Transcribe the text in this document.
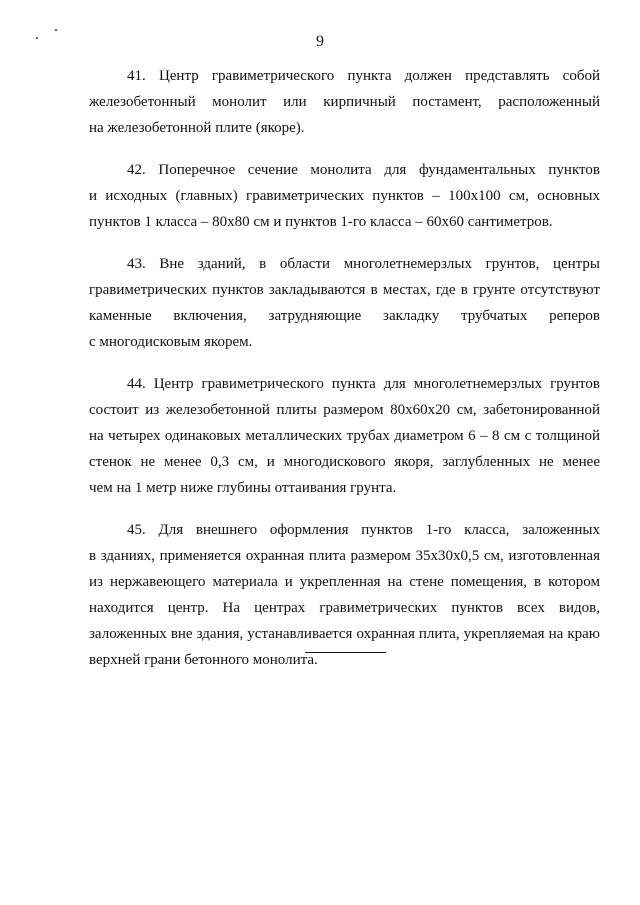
9

41. Центр гравиметрического пункта должен представлять собой
железобетонный монолит или кирпичный постамент, расположенный
на железобетонной плите (якоре).

42. Поперечное сечение монолита для фундаментальных пунктов
и исходных (главных) гравиметрических пунктов – 100x100 см, основных
пунктов 1 класса – 80x80 см и пунктов 1-го класса – 60x60 сантиметров.

43. Вне зданий, в области многолетнемерзлых грунтов, центры
гравиметрических пунктов закладываются в местах, где в грунте отсутствуют
каменные включения, затрудняющие закладку трубчатых реперов
с многодисковым якорем.

44. Центр гравиметрического пункта для многолетнемерзлых грунтов
состоит из железобетонной плиты размером 80x60x20 см, забетонированной
на четырех одинаковых металлических трубах диаметром 6 – 8 см с толщиной
стенок не менее 0,3 см, и многодискового якоря, заглубленных не менее
чем на 1 метр ниже глубины оттаивания грунта.

45. Для внешнего оформления пунктов 1-го класса, заложенных
в зданиях, применяется охранная плита размером 35x30x0,5 см, изготовленная
из нержавеющего материала и укрепленная на стене помещения, в котором
находится центр. На центрах гравиметрических пунктов всех видов,
заложенных вне здания, устанавливается охранная плита, укрепляемая на краю
верхней грани бетонного монолита.
